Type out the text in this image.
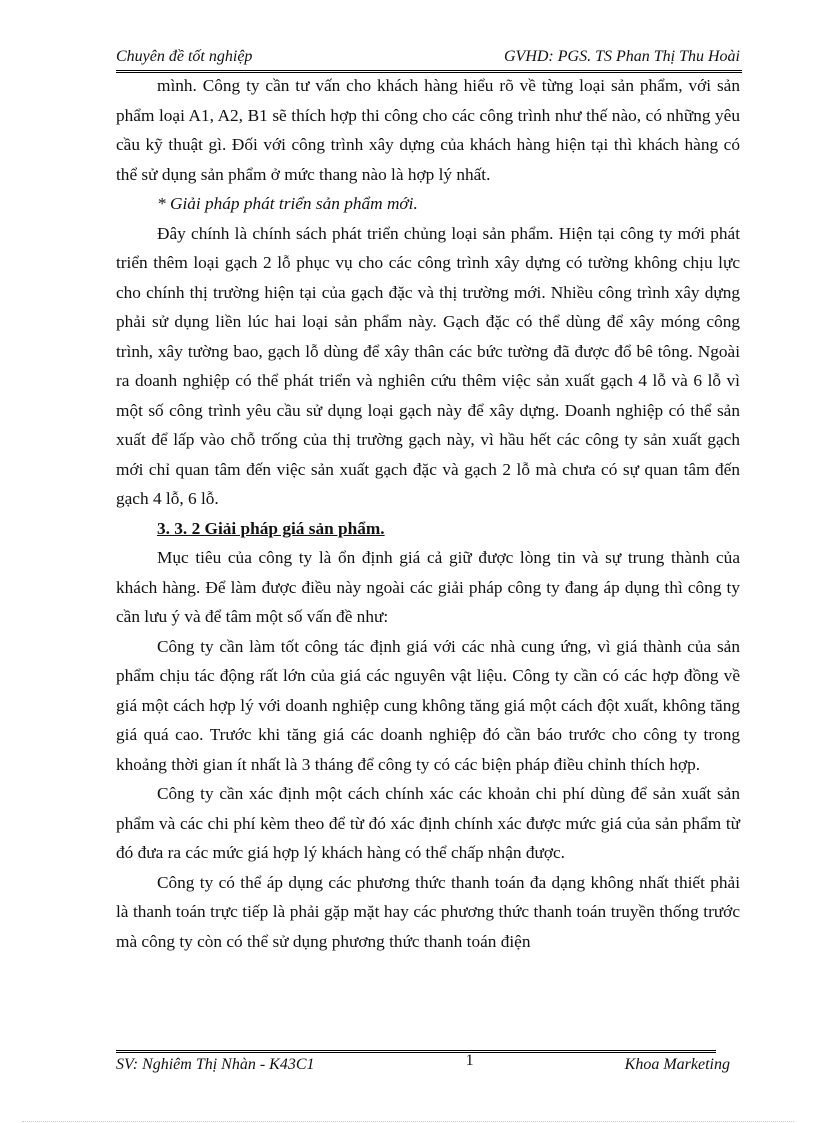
Chuyên đề tốt nghiệp	GVHD: PGS. TS Phan Thị Thu Hoài

mình. Công ty cần tư vấn cho khách hàng hiểu rõ về từng loại sản phẩm, với sản phẩm loại A1, A2, B1 sẽ thích hợp thi công cho các công trình như thế nào, có những yêu cầu kỹ thuật gì. Đối với công trình xây dựng của khách hàng hiện tại thì khách hàng có thể sử dụng sản phẩm ở mức thang nào là hợp lý nhất.

* Giải pháp phát triển sản phẩm mới.

Đây chính là chính sách phát triển chủng loại sản phẩm. Hiện tại công ty mới phát triển thêm loại gạch 2 lỗ phục vụ cho các công trình xây dựng có tường không chịu lực cho chính thị trường hiện tại của gạch đặc và thị trường mới. Nhiều công trình xây dựng phải sử dụng liền lúc hai loại sản phẩm này. Gạch đặc có thể dùng để xây móng công trình, xây tường bao, gạch lỗ dùng để xây thân các bức tường đã được đổ bê tông. Ngoài ra doanh nghiệp có thể phát triển và nghiên cứu thêm việc sản xuất gạch 4 lỗ và 6 lỗ vì một số công trình yêu cầu sử dụng loại gạch này để xây dựng. Doanh nghiệp có thể sản xuất để lấp vào chỗ trống của thị trường gạch này, vì hầu hết các công ty sản xuất gạch mới chỉ quan tâm đến việc sản xuất gạch đặc và gạch 2 lỗ mà chưa có sự quan tâm đến gạch 4 lỗ, 6 lỗ.

3. 3. 2 Giải pháp giá sản phẩm.

Mục tiêu của công ty là ổn định giá cả giữ được lòng tin và sự trung thành của khách hàng. Để làm được điều này ngoài các giải pháp công ty đang áp dụng thì công ty cần lưu ý và để tâm một số vấn đề như:

Công ty cần làm tốt công tác định giá với các nhà cung ứng, vì giá thành của sản phẩm chịu tác động rất lớn của giá các nguyên vật liệu. Công ty cần có các hợp đồng về giá một cách hợp lý với doanh nghiệp cung không tăng giá một cách đột xuất, không tăng giá quá cao. Trước khi tăng giá các doanh nghiệp đó cần báo trước cho công ty trong khoảng thời gian ít nhất là 3 tháng để công ty có các biện pháp điều chỉnh thích hợp.

Công ty cần xác định một cách chính xác các khoản chi phí dùng để sản xuất sản phẩm và các chi phí kèm theo để từ đó xác định chính xác được mức giá của sản phẩm từ đó đưa ra các mức giá hợp lý khách hàng có thể chấp nhận được.

Công ty có thể áp dụng các phương thức thanh toán đa dạng không nhất thiết phải là thanh toán trực tiếp là phải gặp mặt hay các phương thức thanh toán truyền thống trước mà công ty còn có thể sử dụng phương thức thanh toán điện

SV: Nghiêm Thị Nhàn - K43C1	1	Khoa Marketing
